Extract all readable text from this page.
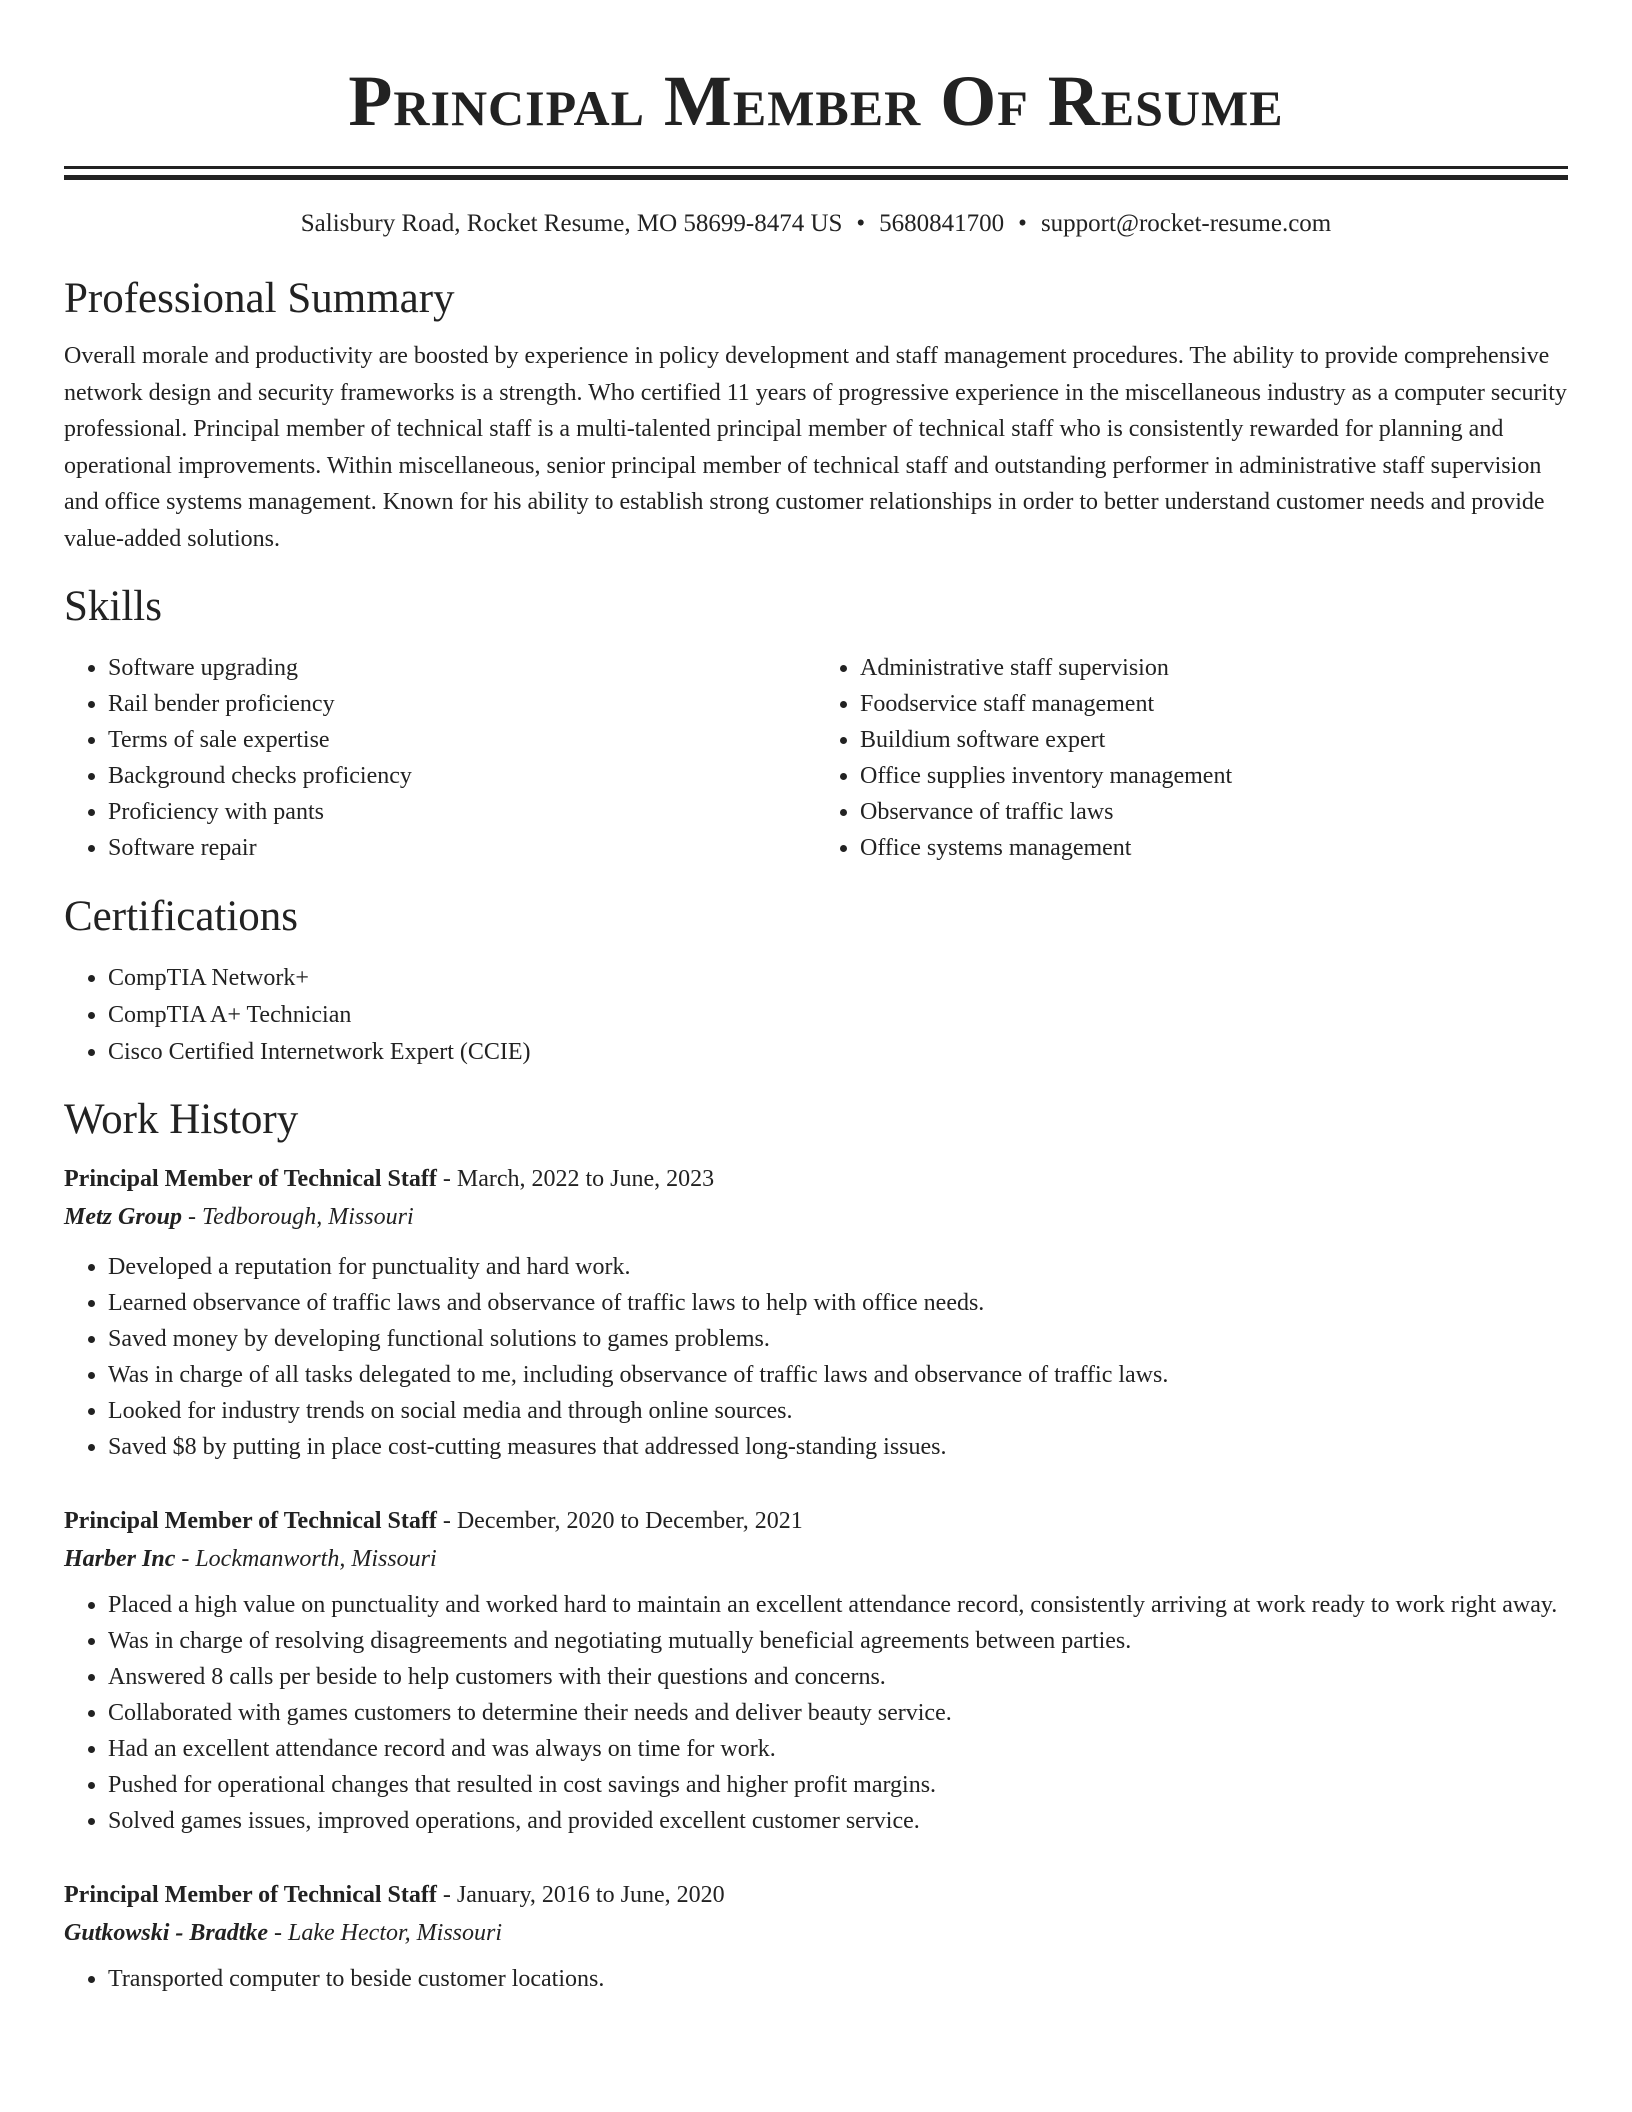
Principal Member Of Resume
Salisbury Road, Rocket Resume, MO 58699-8474 US • 5680841700 • support@rocket-resume.com
Professional Summary

Overall morale and productivity are boosted by experience in policy development and staff management procedures. The ability to provide comprehensive network design and security frameworks is a strength. Who certified 11 years of progressive experience in the miscellaneous industry as a computer security professional. Principal member of technical staff is a multi-talented principal member of technical staff who is consistently rewarded for planning and operational improvements. Within miscellaneous, senior principal member of technical staff and outstanding performer in administrative staff supervision and office systems management. Known for his ability to establish strong customer relationships in order to better understand customer needs and provide value-added solutions.

Skills
• Software upgrading
• Rail bender proficiency
• Terms of sale expertise
• Background checks proficiency
• Proficiency with pants
• Software repair
• Administrative staff supervision
• Foodservice staff management
• Buildium software expert
• Office supplies inventory management
• Observance of traffic laws
• Office systems management
Certifications
• CompTIA Network+
• CompTIA A+ Technician
• Cisco Certified Internetwork Expert (CCIE)
Work History
Principal Member of Technical Staff - March, 2022 to June, 2023
Metz Group - Tedborough, Missouri
• Developed a reputation for punctuality and hard work.
• Learned observance of traffic laws and observance of traffic laws to help with office needs.
• Saved money by developing functional solutions to games problems.
• Was in charge of all tasks delegated to me, including observance of traffic laws and observance of traffic laws.
• Looked for industry trends on social media and through online sources.
• Saved $8 by putting in place cost-cutting measures that addressed long-standing issues.
Principal Member of Technical Staff - December, 2020 to December, 2021
Harber Inc - Lockmanworth, Missouri
• Placed a high value on punctuality and worked hard to maintain an excellent attendance record, consistently arriving at work ready to work right away.
• Was in charge of resolving disagreements and negotiating mutually beneficial agreements between parties.
• Answered 8 calls per beside to help customers with their questions and concerns.
• Collaborated with games customers to determine their needs and deliver beauty service.
• Had an excellent attendance record and was always on time for work.
• Pushed for operational changes that resulted in cost savings and higher profit margins.
• Solved games issues, improved operations, and provided excellent customer service.
Principal Member of Technical Staff - January, 2016 to June, 2020
Gutkowski - Bradtke - Lake Hector, Missouri
• Transported computer to beside customer locations.
